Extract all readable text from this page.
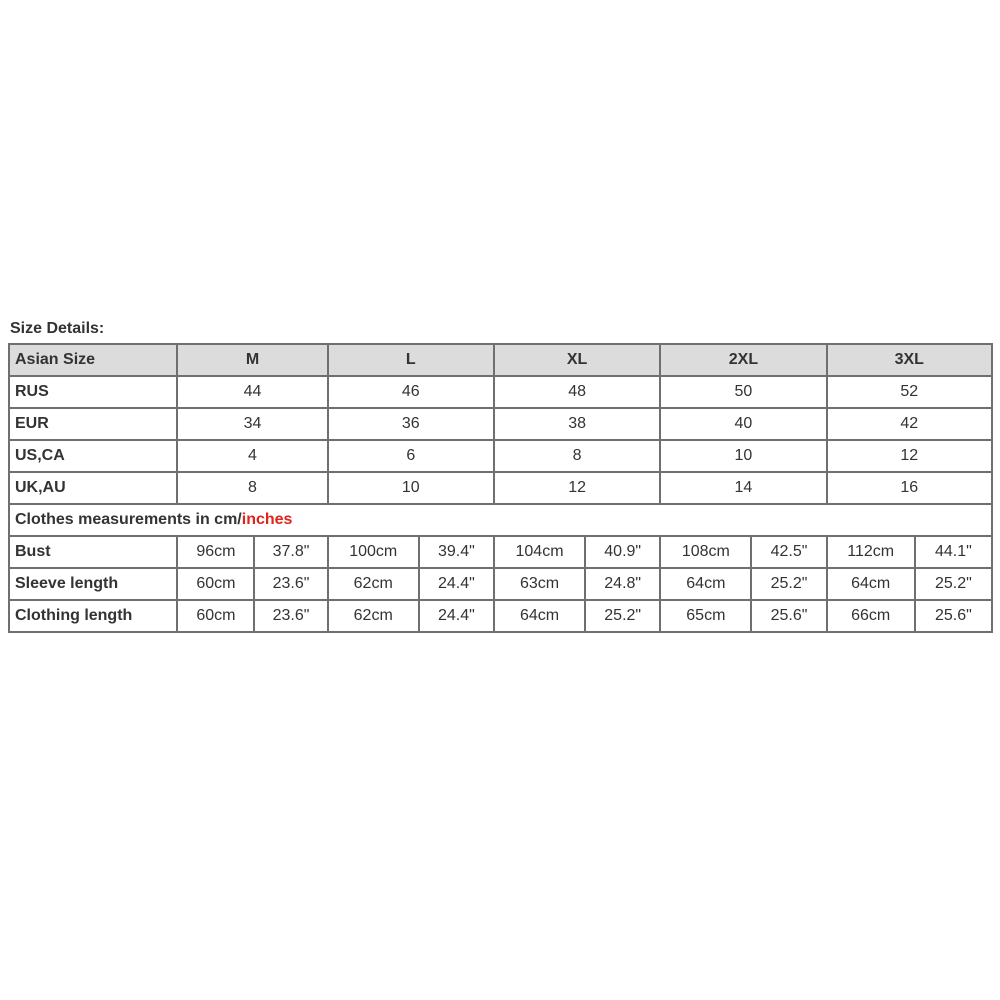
Size Details:
Asian Size	M		L		XL		2XL		3XL	
RUS	44		46		48		50		52	
EUR	34		36		38		40		42	
US,CA	4		6		8		10		12	
UK,AU	8		10		12		14		16	
Clothes measurements in cm/inches										
Bust	96cm	37.8"	100cm	39.4"	104cm	40.9"	108cm	42.5"	112cm	44.1"
Sleeve length	60cm	23.6"	62cm	24.4"	63cm	24.8"	64cm	25.2"	64cm	25.2"
Clothing length	60cm	23.6"	62cm	24.4"	64cm	25.2"	65cm	25.6"	66cm	25.6"
